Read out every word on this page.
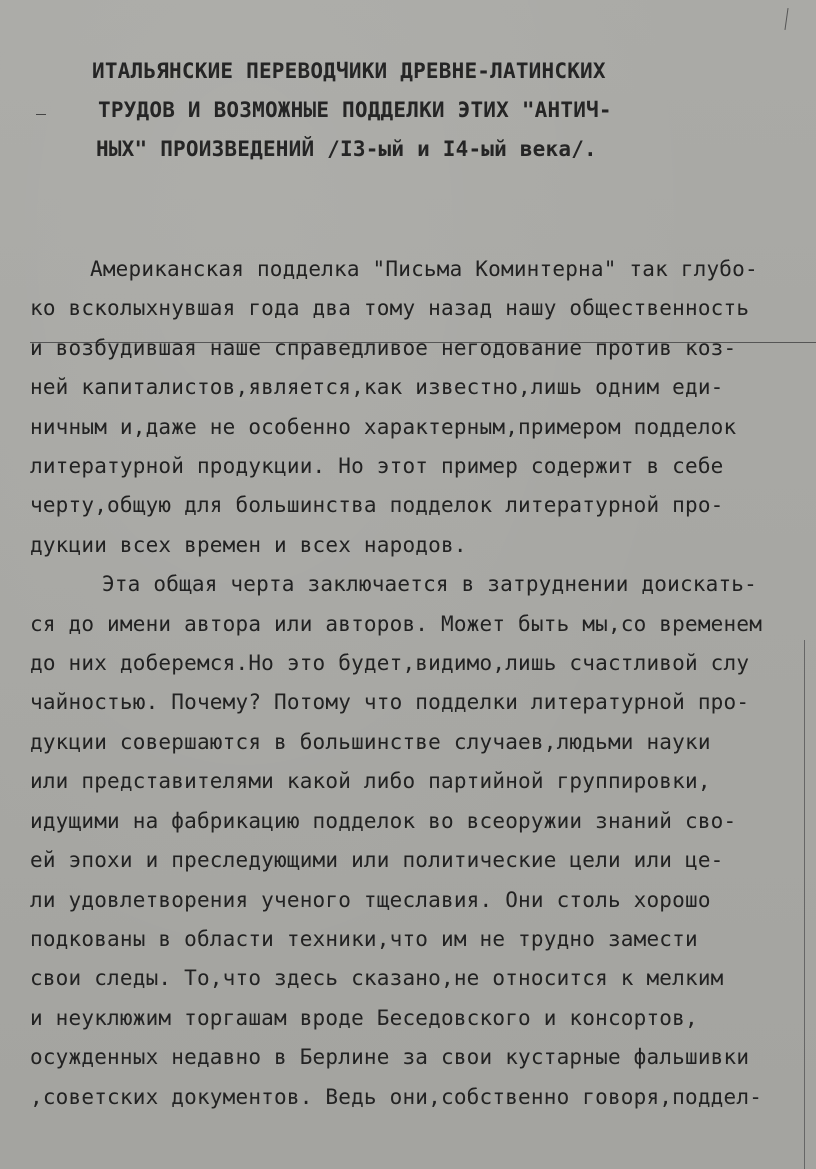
ИТАЛЬЯНСКИЕ ПЕРЕВОДЧИКИ ДРЕВНЕ-ЛАТИНСКИХ
ТРУДОВ И ВОЗМОЖНЫЕ ПОДДЕЛКИ ЭТИХ "АНТИЧ-
НЫХ" ПРОИЗВЕДЕНИЙ /I3-ый и I4-ый века/.
Американская подделка "Письма Коминтерна" так глубо-
ко всколыхнувшая года два тому назад нашу общественность
и возбудившая наше справедливое негодование против коз-
ней капиталистов,является,как известно,лишь одним еди-
ничным и,даже не особенно характерным,примером подделок
литературной продукции. Но этот пример содержит в себе
черту,общую для большинства подделок литературной про-
дукции всех времен и всех народов.
Эта общая черта заключается в затруднении доискать-
ся до имени автора или авторов. Может быть мы,со временем
до них доберемся.Но это будет,видимо,лишь счастливой слу
чайностью. Почему? Потому что подделки литературной про-
дукции совершаются в большинстве случаев,людьми науки
или представителями какой либо партийной группировки,
идущими на фабрикацию подделок во всеоружии знаний сво-
ей эпохи и преследующими или политические цели или це-
ли удовлетворения ученого тщеславия. Они столь хорошо
подкованы в области техники,что им не трудно замести
свои следы. То,что здесь сказано,не относится к мелким
и неуклюжим торгашам вроде Беседовского и консортов,
осужденных недавно в Берлине за свои кустарные фальшивки
,советских документов. Ведь они,собственно говоря,поддел-
